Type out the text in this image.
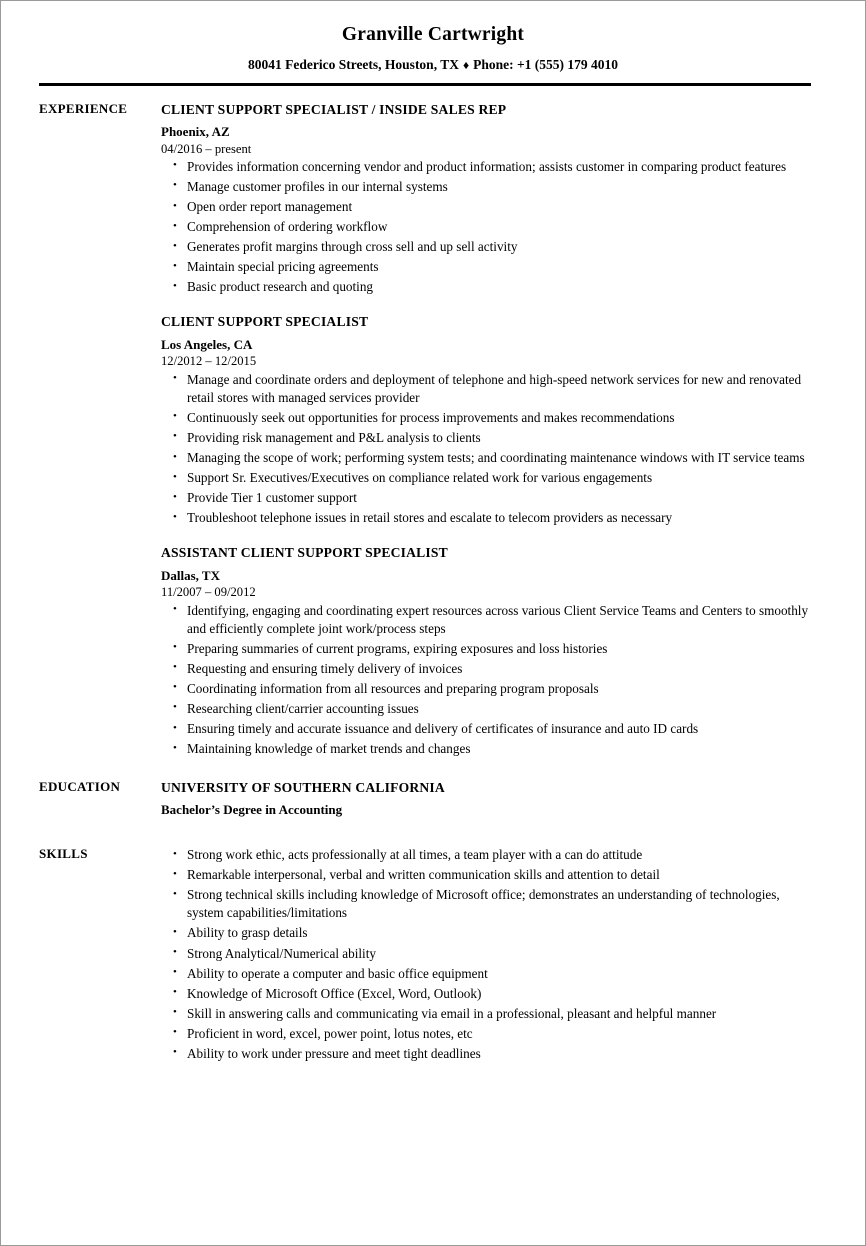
Granville Cartwright
80041 Federico Streets, Houston, TX ♦ Phone: +1 (555) 179 4010
EXPERIENCE	CLIENT SUPPORT SPECIALIST / INSIDE SALES REP
Phoenix, AZ
04/2016 – present
• Provides information concerning vendor and product information; assists customer in comparing product features
• Manage customer profiles in our internal systems
• Open order report management
• Comprehension of ordering workflow
• Generates profit margins through cross sell and up sell activity
• Maintain special pricing agreements
• Basic product research and quoting
CLIENT SUPPORT SPECIALIST
Los Angeles, CA
12/2012 – 12/2015
• Manage and coordinate orders and deployment of telephone and high-speed network services for new and renovated retail stores with managed services provider
• Continuously seek out opportunities for process improvements and makes recommendations
• Providing risk management and P&L analysis to clients
• Managing the scope of work; performing system tests; and coordinating maintenance windows with IT service teams
• Support Sr. Executives/Executives on compliance related work for various engagements
• Provide Tier 1 customer support
• Troubleshoot telephone issues in retail stores and escalate to telecom providers as necessary
ASSISTANT CLIENT SUPPORT SPECIALIST
Dallas, TX
11/2007 – 09/2012
• Identifying, engaging and coordinating expert resources across various Client Service Teams and Centers to smoothly and efficiently complete joint work/process steps
• Preparing summaries of current programs, expiring exposures and loss histories
• Requesting and ensuring timely delivery of invoices
• Coordinating information from all resources and preparing program proposals
• Researching client/carrier accounting issues
• Ensuring timely and accurate issuance and delivery of certificates of insurance and auto ID cards
• Maintaining knowledge of market trends and changes
EDUCATION	UNIVERSITY OF SOUTHERN CALIFORNIA
Bachelor’s Degree in Accounting
SKILLS	• Strong work ethic, acts professionally at all times, a team player with a can do attitude
• Remarkable interpersonal, verbal and written communication skills and attention to detail
• Strong technical skills including knowledge of Microsoft office; demonstrates an understanding of technologies, system capabilities/limitations
• Ability to grasp details
• Strong Analytical/Numerical ability
• Ability to operate a computer and basic office equipment
• Knowledge of Microsoft Office (Excel, Word, Outlook)
• Skill in answering calls and communicating via email in a professional, pleasant and helpful manner
• Proficient in word, excel, power point, lotus notes, etc
• Ability to work under pressure and meet tight deadlines
